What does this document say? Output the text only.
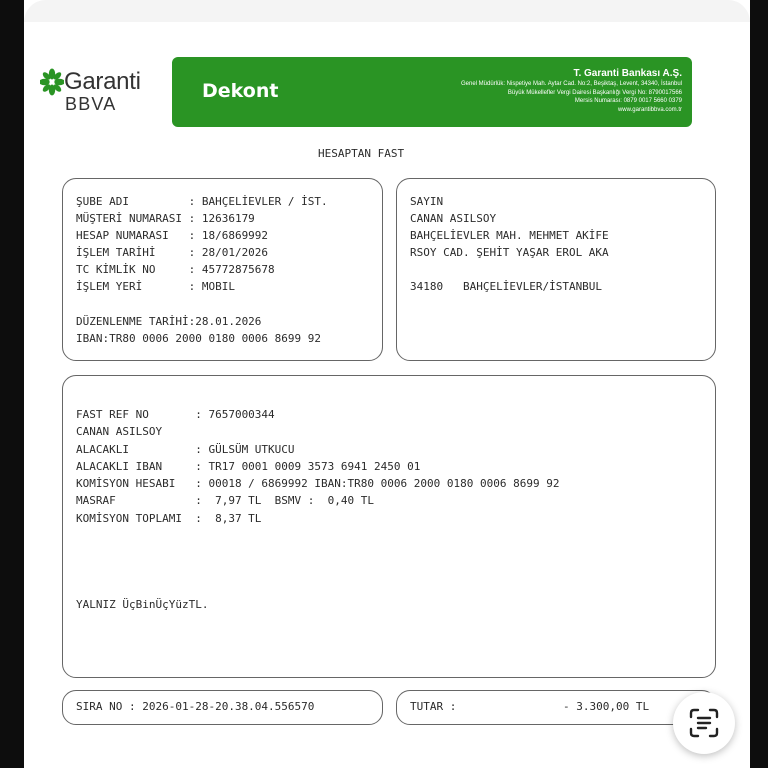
Garanti
BBVA
Dekont
T. Garanti Bankası A.Ş.
Genel Müdürlük: Nispetiye Mah. Aytar Cad. No:2, Beşiktaş, Levent, 34340, İstanbul
Büyük Mükellefler Vergi Dairesi Başkanlığı Vergi No: 8790017566
Mersis Numarası: 0879 0017 5660 0379
www.garantibbva.com.tr
HESAPTAN FAST
ŞUBE ADI         : BAHÇELİEVLER / İST.
MÜŞTERİ NUMARASI : 12636179
HESAP NUMARASI   : 18/6869992
İŞLEM TARİHİ     : 28/01/2026
TC KİMLİK NO     : 45772875678
İŞLEM YERİ       : MOBIL
DÜZENLENME TARİHİ:28.01.2026
IBAN:TR80 0006 2000 0180 0006 8699 92
SAYIN
CANAN ASILSOY
BAHÇELİEVLER MAH. MEHMET AKİFE
RSOY CAD. ŞEHİT YAŞAR EROL AKA
34180   BAHÇELİEVLER/İSTANBUL
FAST REF NO       : 7657000344
CANAN ASILSOY
ALACAKLI          : GÜLSÜM UTKUCU
ALACAKLI IBAN     : TR17 0001 0009 3573 6941 2450 01
KOMİSYON HESABI   : 00018 / 6869992 IBAN:TR80 0006 2000 0180 0006 8699 92
MASRAF            :  7,97 TL  BSMV :  0,40 TL
KOMİSYON TOPLAMI  :  8,37 TL
YALNIZ ÜçBinÜçYüzTL.
SIRA NO : 2026-01-28-20.38.04.556570	TUTAR :	- 3.300,00 TL
